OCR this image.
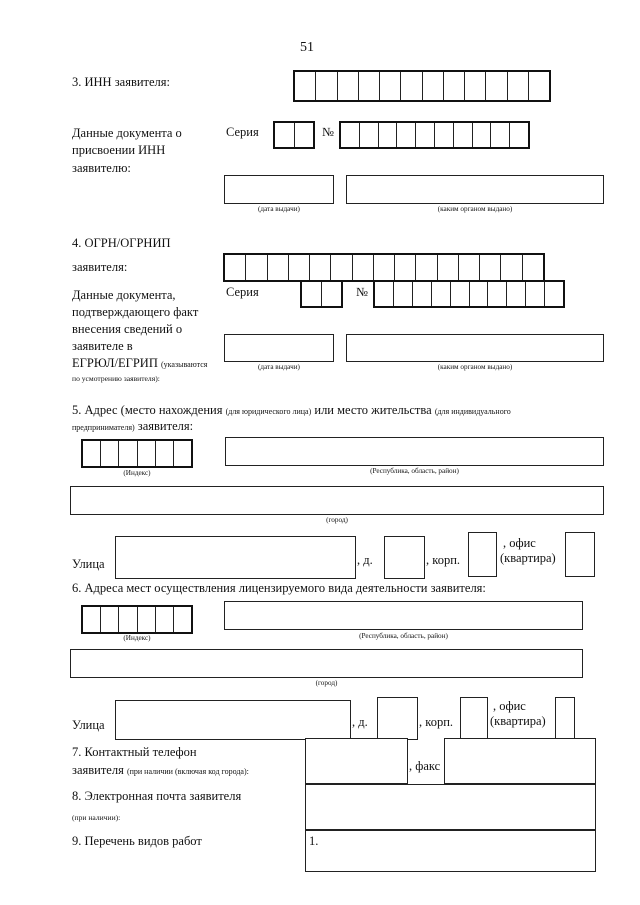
51
3. ИНН заявителя:
Данные документа о
присвоении ИНН
заявителю:
Серия	№
(дата выдачи)	(каким органом выдано)
4. ОГРН/ОГРНИП
заявителя:
Данные документа,
подтверждающего факт
внесения сведений о
заявителе в
ЕГРЮЛ/ЕГРИП (указываются
по усмотрению заявителя):
Серия	№
(дата выдачи)	(каким органом выдано)
5. Адрес (место нахождения (для юридического лица) или место жительства (для индивидуального
предпринимателя) заявителя:
(Индекс)	(Республика, область, район)
(город)
Улица	, д.	, корп.
, офис
(квартира)
6. Адреса мест осуществления лицензируемого вида деятельности заявителя:
(Индекс)	(Республика, область, район)
(город)
Улица	, д.	, корп.
, офис
(квартира)
7. Контактный телефон
заявителя (при наличии (включая код города):	, факс
8. Электронная почта заявителя
(при наличии):
9. Перечень видов работ	1.
